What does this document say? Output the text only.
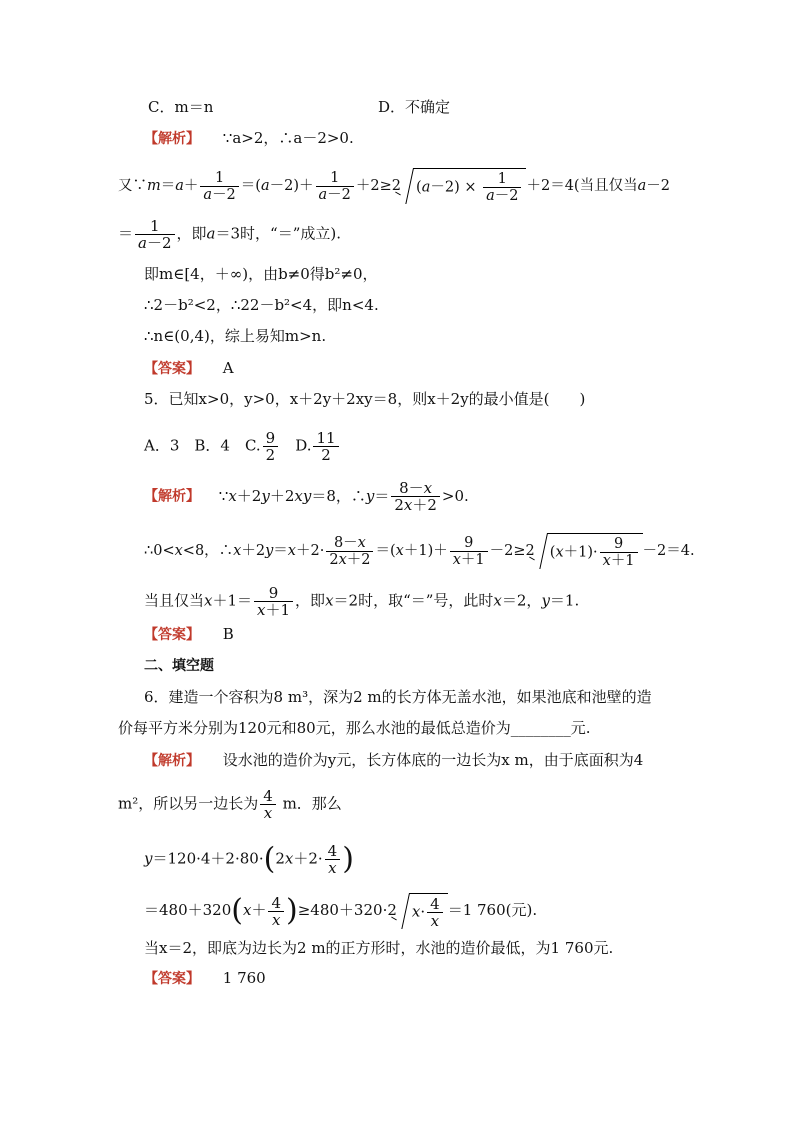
C．m＝n	D．不确定
【解析】 ∵a>2，∴a－2>0.
又∵m＝a＋ $\frac{1}{a-2} =(a-2)+ \frac{1}{a-2} +2\ge 2$ $(a-2) \times \frac{1}{a-2} +2=4$(当且仅当a－2
＝ $\frac{1}{a-2}$ ，即a＝3时，“＝”成立).
即m∈[4，＋∞)，由b≠0得b²≠0，
∴2－b²<2，∴22－b²<4，即n<4.
∴n∈(0,4)，综上易知m>n.
【答案】 A
5．已知x>0，y>0，x＋2y＋2xy＝8，则x＋2y的最小值是(　　)
A．3　B．4　C. $\frac{9}{2}$ 　D. $\frac{11}{2}$
【解析】 ∵x＋2y＋2xy＝8，∴y＝ $\frac{8-x}{2x+2} >0$.
∴0<x<8，∴x＋2y＝x＋2· $\frac{8-x}{2x+2} =(x+1)+ \frac{9}{x+1} -2\ge 2$ $(x+1)\cdot \frac{9}{x+1} -2=4$.
当且仅当$x+1= \frac{9}{x+1}$ ，即x＝2时，取“＝”号，此时x＝2，y＝1.
【答案】 B
二、填空题
6．建造一个容积为8 m³，深为2 m的长方体无盖水池，如果池底和池壁的造
价每平方米分别为120元和80元，那么水池的最低总造价为________元.
【解析】 设水池的造价为y元，长方体底的一边长为x m，由于底面积为4
m²，所以另一边长为 $\frac{4}{x}$ m．那么
$y=120\cdot 4+2\cdot 80\cdot(2x+2\cdot \frac{4}{x}$ )
$=480+320(x+ \frac{4}{x} )\ge 480+320\cdot 2$ $x\cdot \frac{4}{x} =1$ 760(元).
当x＝2，即底为边长为2 m的正方形时，水池的造价最低，为1 760元.
【答案】 1 760
